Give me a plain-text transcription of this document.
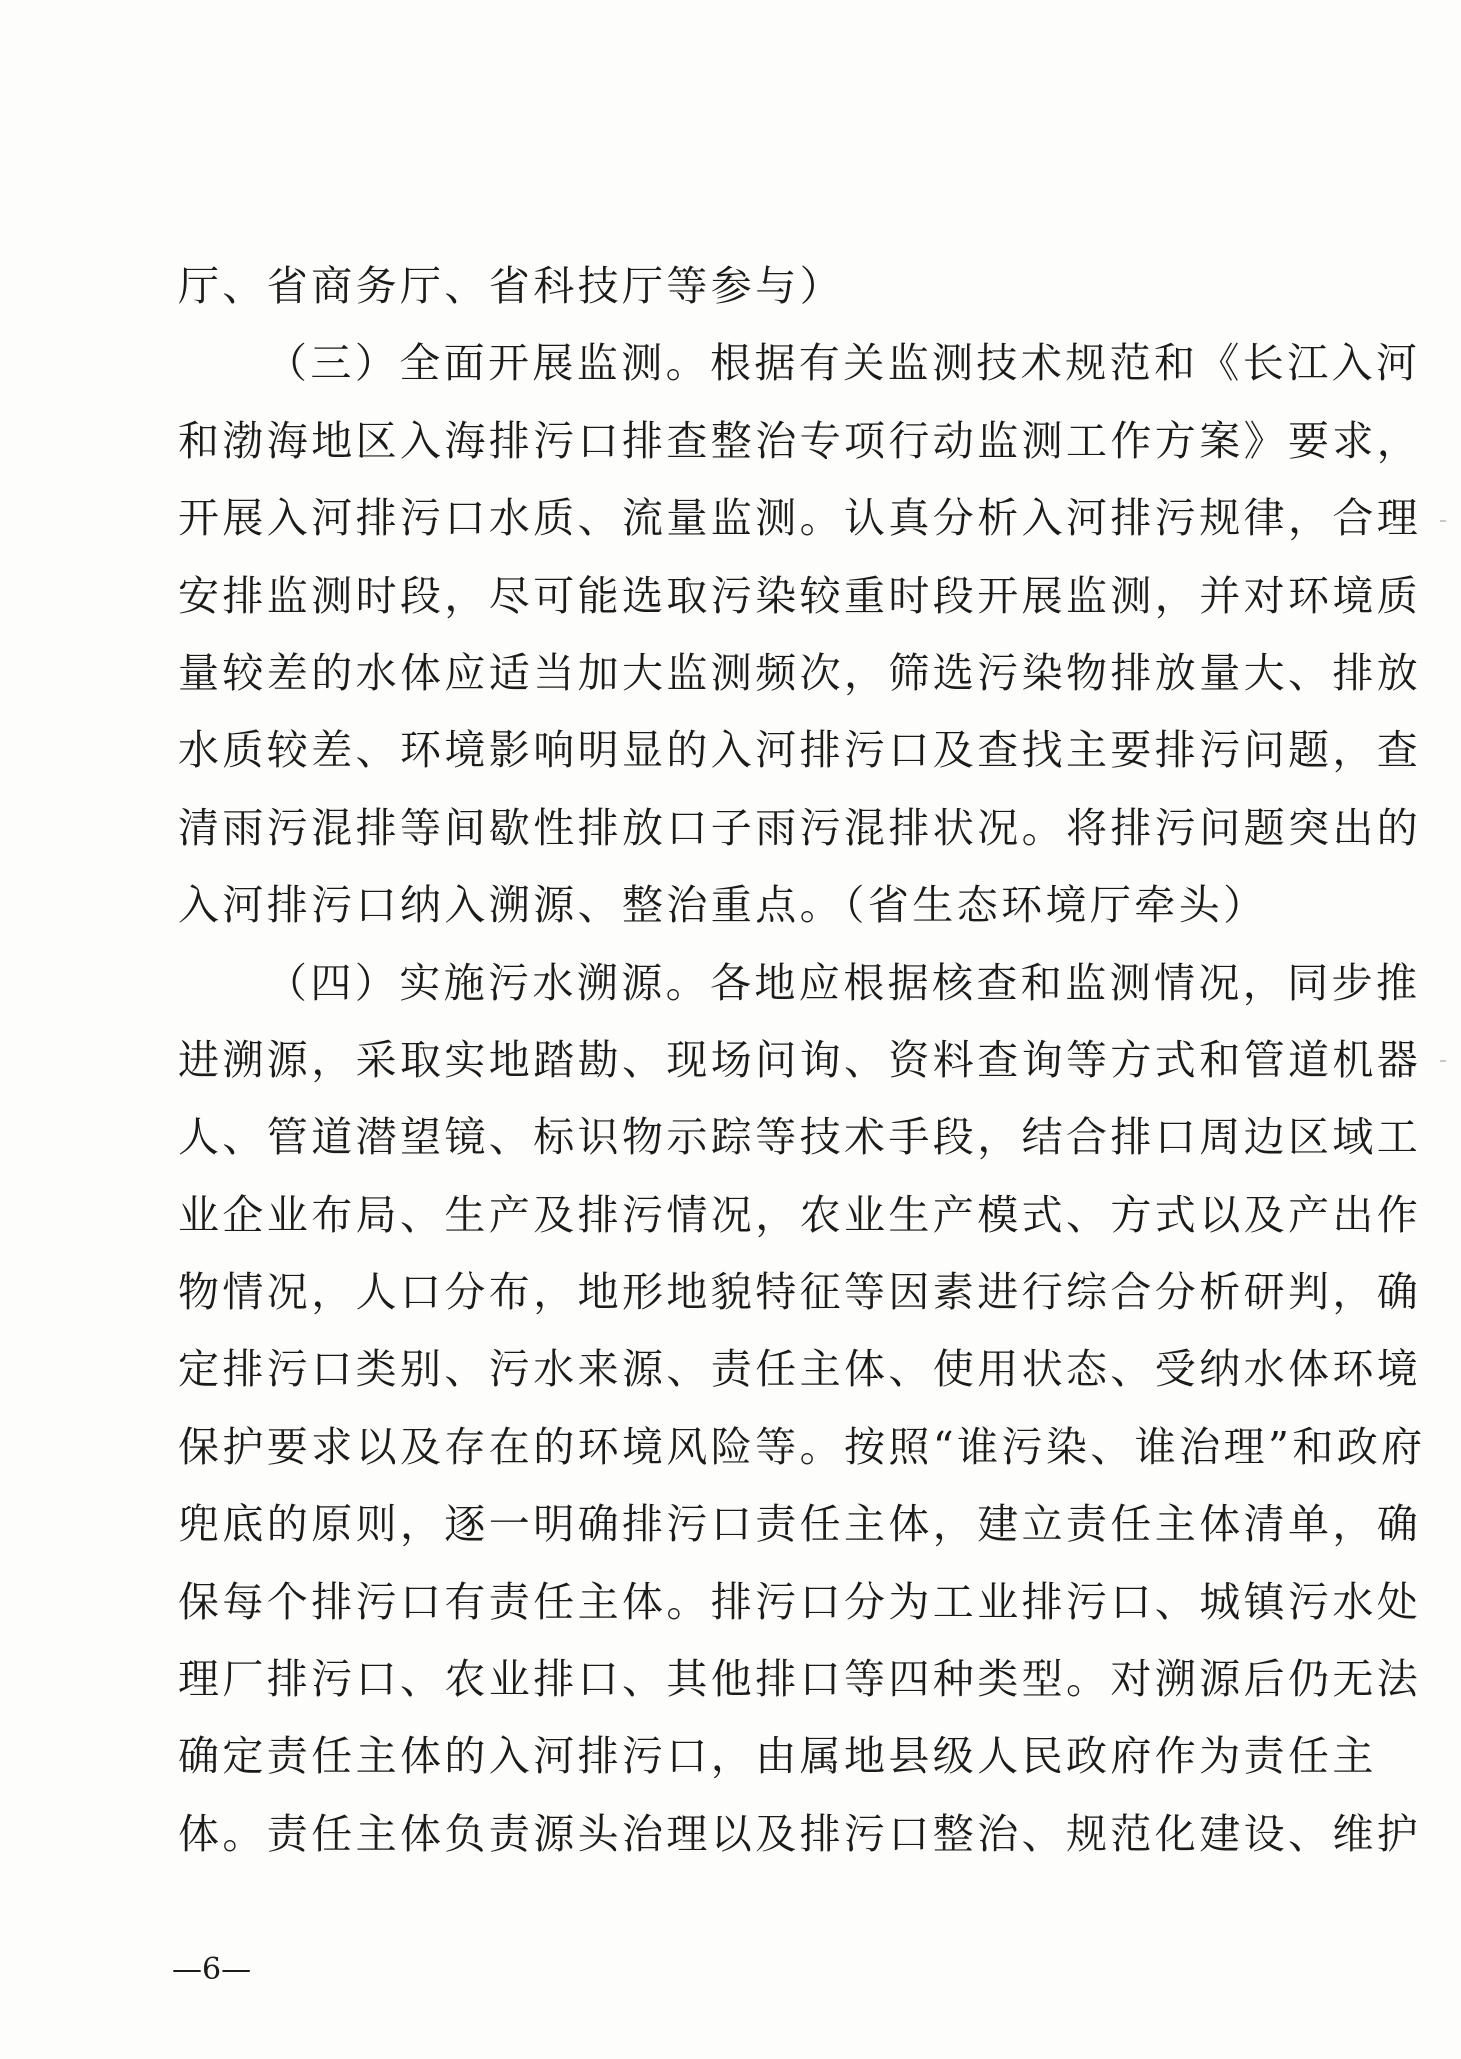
厅、省商务厅、省科技厅等参与）
（三）全面开展监测。根据有关监测技术规范和《长江入河
和渤海地区入海排污口排查整治专项行动监测工作方案》要求，
开展入河排污口水质、流量监测。认真分析入河排污规律，合理
安排监测时段，尽可能选取污染较重时段开展监测，并对环境质
量较差的水体应适当加大监测频次，筛选污染物排放量大、排放
水质较差、环境影响明显的入河排污口及查找主要排污问题，查
清雨污混排等间歇性排放口子雨污混排状况。将排污问题突出的
入河排污口纳入溯源、整治重点。（省生态环境厅牵头）
（四）实施污水溯源。各地应根据核查和监测情况，同步推
进溯源，采取实地踏勘、现场问询、资料查询等方式和管道机器
人、管道潜望镜、标识物示踪等技术手段，结合排口周边区域工
业企业布局、生产及排污情况，农业生产模式、方式以及产出作
物情况，人口分布，地形地貌特征等因素进行综合分析研判，确
定排污口类别、污水来源、责任主体、使用状态、受纳水体环境
保护要求以及存在的环境风险等。按照“谁污染、谁治理”和政府
兜底的原则，逐一明确排污口责任主体，建立责任主体清单，确
保每个排污口有责任主体。排污口分为工业排污口、城镇污水处
理厂排污口、农业排口、其他排口等四种类型。对溯源后仍无法
确定责任主体的入河排污口，由属地县级人民政府作为责任主
体。责任主体负责源头治理以及排污口整治、规范化建设、维护
—6—
